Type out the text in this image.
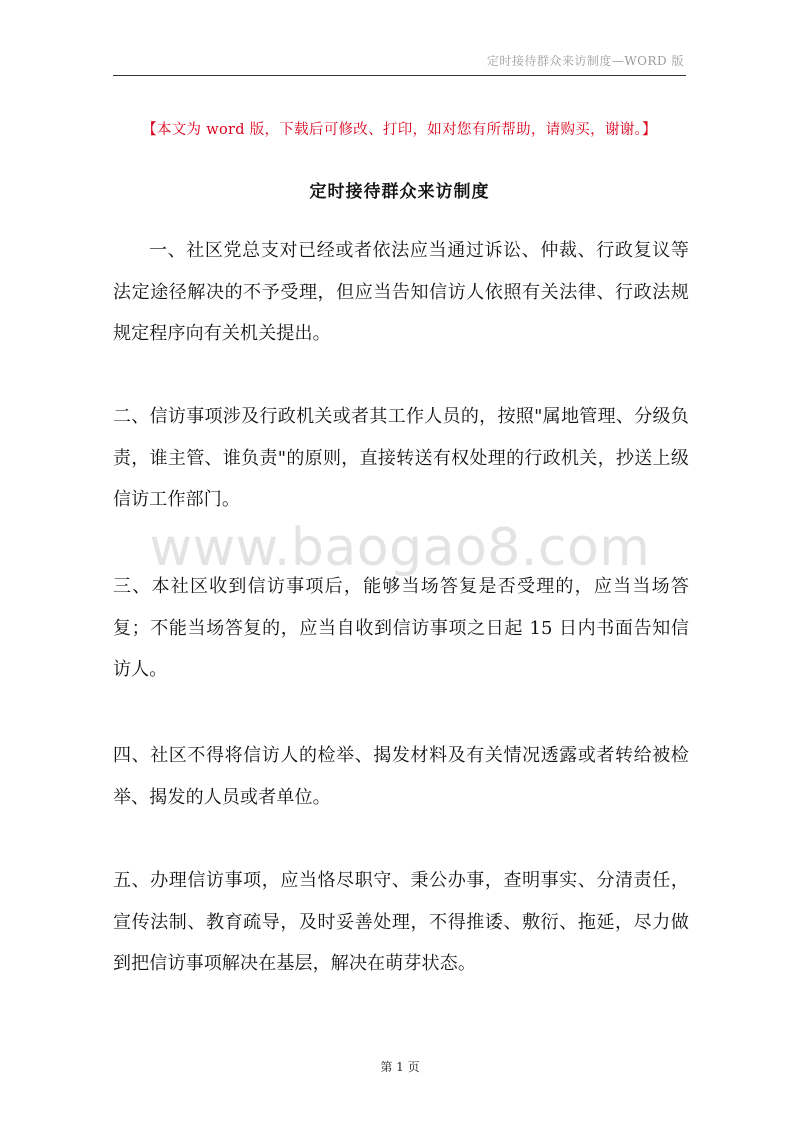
定时接待群众来访制度—WORD 版
【本文为 word 版，下载后可修改、打印，如对您有所帮助，请购买，谢谢。】
定时接待群众来访制度

一、社区党总支对已经或者依法应当通过诉讼、仲裁、行政复议等法定途径解决的不予受理，但应当告知信访人依照有关法律、行政法规规定程序向有关机关提出。

二、信访事项涉及行政机关或者其工作人员的，按照"属地管理、分级负责，谁主管、谁负责"的原则，直接转送有权处理的行政机关，抄送上级信访工作部门。

三、本社区收到信访事项后，能够当场答复是否受理的，应当当场答复；不能当场答复的，应当自收到信访事项之日起 15 日内书面告知信访人。

四、社区不得将信访人的检举、揭发材料及有关情况透露或者转给被检举、揭发的人员或者单位。

五、办理信访事项，应当恪尽职守、秉公办事，查明事实、分清责任，宣传法制、教育疏导，及时妥善处理，不得推诿、敷衍、拖延，尽力做到把信访事项解决在基层，解决在萌芽状态。

www.baogao8.com
第 1 页
